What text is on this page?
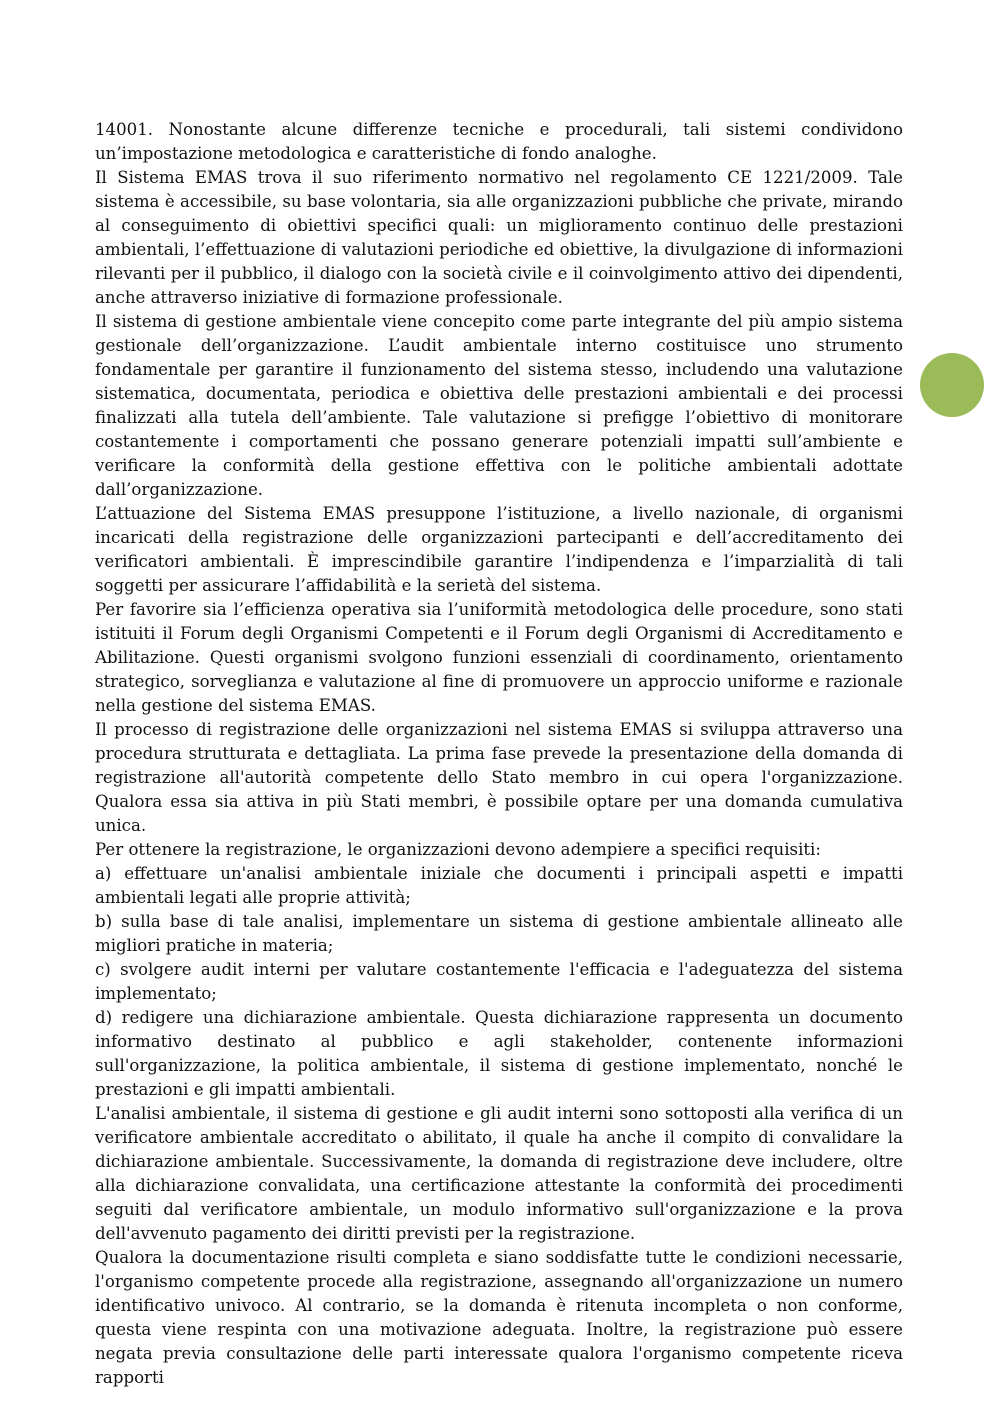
14001. Nonostante alcune differenze tecniche e procedurali, tali sistemi condividono un’impostazione metodologica e caratteristiche di fondo analoghe.

Il Sistema EMAS trova il suo riferimento normativo nel regolamento CE 1221/2009. Tale sistema è accessibile, su base volontaria, sia alle organizzazioni pubbliche che private, mirando al conseguimento di obiettivi specifici quali: un miglioramento continuo delle prestazioni ambientali, l’effettuazione di valutazioni periodiche ed obiettive, la divulgazione di informazioni rilevanti per il pubblico, il dialogo con la società civile e il coinvolgimento attivo dei dipendenti, anche attraverso iniziative di formazione professionale.

Il sistema di gestione ambientale viene concepito come parte integrante del più ampio sistema gestionale dell’organizzazione. L’audit ambientale interno costituisce uno strumento fondamentale per garantire il funzionamento del sistema stesso, includendo una valutazione sistematica, documentata, periodica e obiettiva delle prestazioni ambientali e dei processi finalizzati alla tutela dell’ambiente. Tale valutazione si prefigge l’obiettivo di monitorare costantemente i comportamenti che possano generare potenziali impatti sull’ambiente e verificare la conformità della gestione effettiva con le politiche ambientali adottate dall’organizzazione.

L’attuazione del Sistema EMAS presuppone l’istituzione, a livello nazionale, di organismi incaricati della registrazione delle organizzazioni partecipanti e dell’accreditamento dei verificatori ambientali. È imprescindibile garantire l’indipendenza e l’imparzialità di tali soggetti per assicurare l’affidabilità e la serietà del sistema.

Per favorire sia l’efficienza operativa sia l’uniformità metodologica delle procedure, sono stati istituiti il Forum degli Organismi Competenti e il Forum degli Organismi di Accreditamento e Abilitazione. Questi organismi svolgono funzioni essenziali di coordinamento, orientamento strategico, sorveglianza e valutazione al fine di promuovere un approccio uniforme e razionale nella gestione del sistema EMAS.

Il processo di registrazione delle organizzazioni nel sistema EMAS si sviluppa attraverso una procedura strutturata e dettagliata. La prima fase prevede la presentazione della domanda di registrazione all'autorità competente dello Stato membro in cui opera l'organizzazione. Qualora essa sia attiva in più Stati membri, è possibile optare per una domanda cumulativa unica.

Per ottenere la registrazione, le organizzazioni devono adempiere a specifici requisiti:

a) effettuare un'analisi ambientale iniziale che documenti i principali aspetti e impatti ambientali legati alle proprie attività;

b) sulla base di tale analisi, implementare un sistema di gestione ambientale allineato alle migliori pratiche in materia;

c) svolgere audit interni per valutare costantemente l'efficacia e l'adeguatezza del sistema implementato;

d) redigere una dichiarazione ambientale. Questa dichiarazione rappresenta un documento informativo destinato al pubblico e agli stakeholder, contenente informazioni sull'organizzazione, la politica ambientale, il sistema di gestione implementato, nonché le prestazioni e gli impatti ambientali.

L'analisi ambientale, il sistema di gestione e gli audit interni sono sottoposti alla verifica di un verificatore ambientale accreditato o abilitato, il quale ha anche il compito di convalidare la dichiarazione ambientale. Successivamente, la domanda di registrazione deve includere, oltre alla dichiarazione convalidata, una certificazione attestante la conformità dei procedimenti seguiti dal verificatore ambientale, un modulo informativo sull'organizzazione e la prova dell'avvenuto pagamento dei diritti previsti per la registrazione.

Qualora la documentazione risulti completa e siano soddisfatte tutte le condizioni necessarie, l'organismo competente procede alla registrazione, assegnando all'organizzazione un numero identificativo univoco. Al contrario, se la domanda è ritenuta incompleta o non conforme, questa viene respinta con una motivazione adeguata. Inoltre, la registrazione può essere negata previa consultazione delle parti interessate qualora l'organismo competente riceva rapporti
